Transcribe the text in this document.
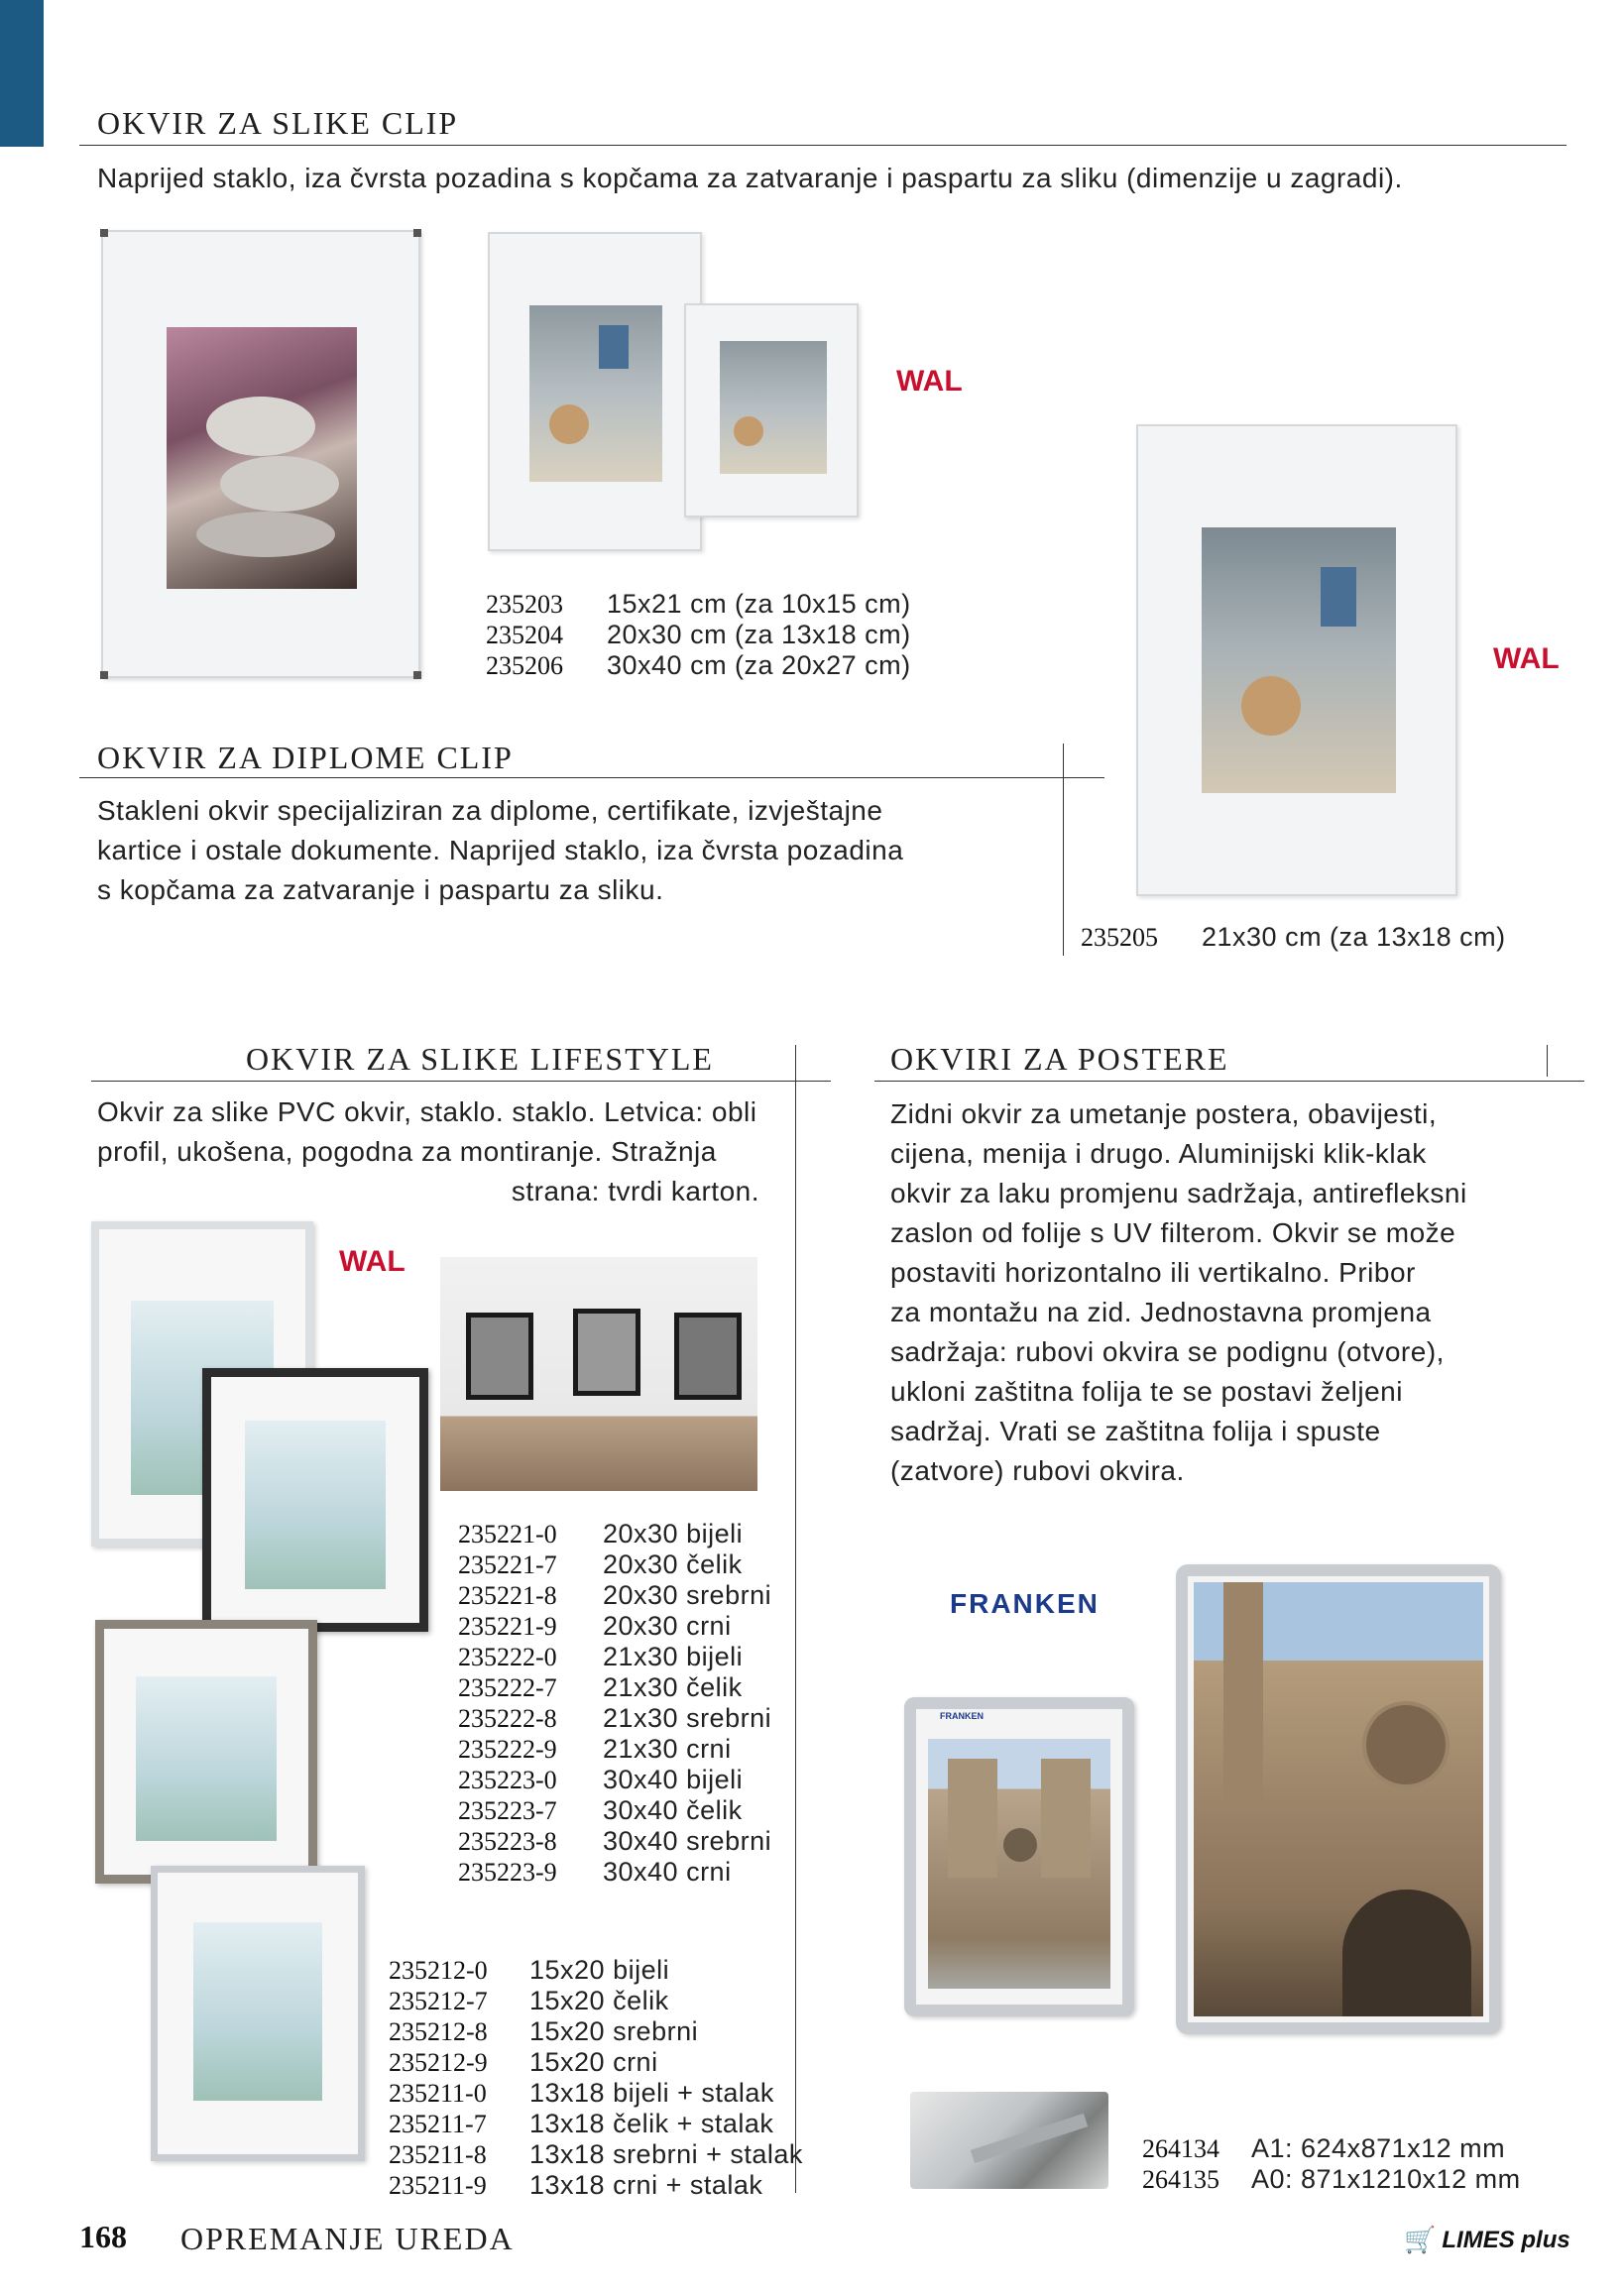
OKVIR ZA SLIKE CLIP
Naprijed staklo, iza čvrsta pozadina s kopčama za zatvaranje i paspartu za sliku (dimenzije u zagradi).
WAL
235203	15x21 cm (za 10x15 cm)
235204	20x30 cm (za 13x18 cm)
235206	30x40 cm (za 20x27 cm)	WAL
OKVIR ZA DIPLOME CLIP
Stakleni okvir specijaliziran za diplome, certifikate, izvještajne
kartice i ostale dokumente. Naprijed staklo, iza čvrsta pozadina
s kopčama za zatvaranje i paspartu za sliku.
235205	21x30 cm (za 13x18 cm)
OKVIR ZA SLIKE LIFESTYLE
Okvir za slike PVC okvir, staklo. staklo. Letvica: obli
profil, ukošena, pogodna za montiranje. Stražnja
strana: tvrdi karton.
WAL
235221-0	20x30 bijeli
235221-7	20x30 čelik
235221-8	20x30 srebrni
235221-9	20x30 crni
235222-0	21x30 bijeli
235222-7	21x30 čelik
235222-8	21x30 srebrni
235222-9	21x30 crni
235223-0	30x40 bijeli
235223-7	30x40 čelik
235223-8	30x40 srebrni
235223-9	30x40 crni
235212-0	15x20 bijeli
235212-7	15x20 čelik
235212-8	15x20 srebrni
235212-9	15x20 crni
235211-0	13x18 bijeli + stalak
235211-7	13x18 čelik + stalak
235211-8	13x18 srebrni + stalak
235211-9	13x18 crni + stalak
OKVIRI ZA POSTERE
Zidni okvir za umetanje postera, obavijesti,
cijena, menija i drugo. Aluminijski klik-klak
okvir za laku promjenu sadržaja, antirefleksni
zaslon od folije s UV filterom. Okvir se može
postaviti horizontalno ili vertikalno. Pribor
za montažu na zid. Jednostavna promjena
sadržaja: rubovi okvira se podignu (otvore),
ukloni zaštitna folija te se postavi željeni
sadržaj. Vrati se zaštitna folija i spuste
(zatvore) rubovi okvira.
FRANKEN
FRANKEN
264134	A1: 624x871x12 mm
264135	A0: 871x1210x12 mm
168 OPREMANJE UREDA	🛒 LIMES plus
